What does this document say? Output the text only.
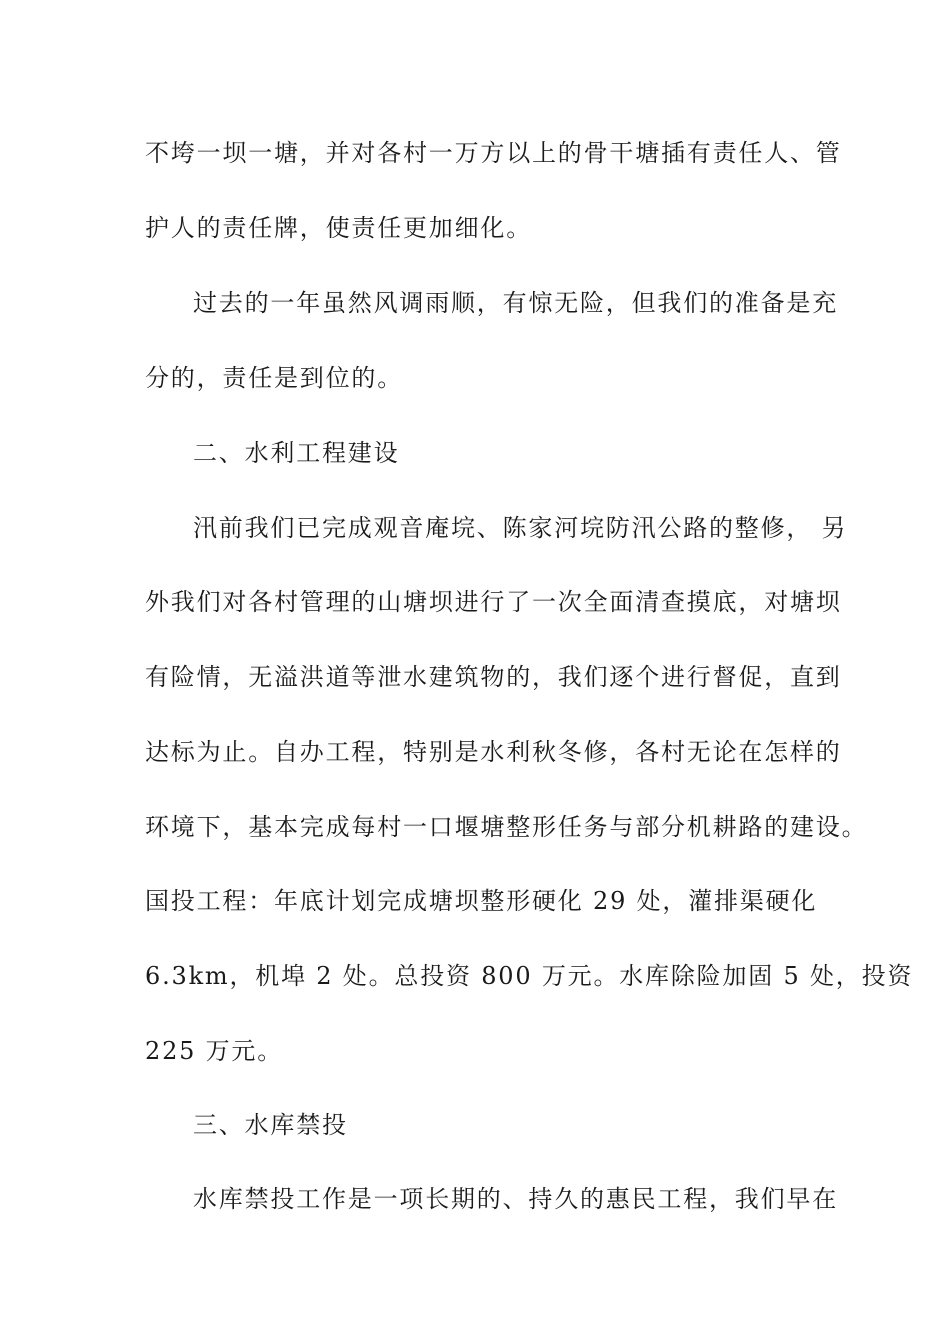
不垮一坝一塘，并对各村一万方以上的骨干塘插有责任人、管

护人的责任牌，使责任更加细化。

过去的一年虽然风调雨顺，有惊无险，但我们的准备是充

分的，责任是到位的。

二、水利工程建设

汛前我们已完成观音庵垸、陈家河垸防汛公路的整修， 另

外我们对各村管理的山塘坝进行了一次全面清查摸底，对塘坝

有险情，无溢洪道等泄水建筑物的，我们逐个进行督促，直到

达标为止。自办工程，特别是水利秋冬修，各村无论在怎样的

环境下，基本完成每村一口堰塘整形任务与部分机耕路的建设。

国投工程：年底计划完成塘坝整形硬化 29 处，灌排渠硬化

6.3km，机埠 2 处。总投资 800 万元。水库除险加固 5 处，投资

225 万元。

三、水库禁投

水库禁投工作是一项长期的、持久的惠民工程，我们早在
